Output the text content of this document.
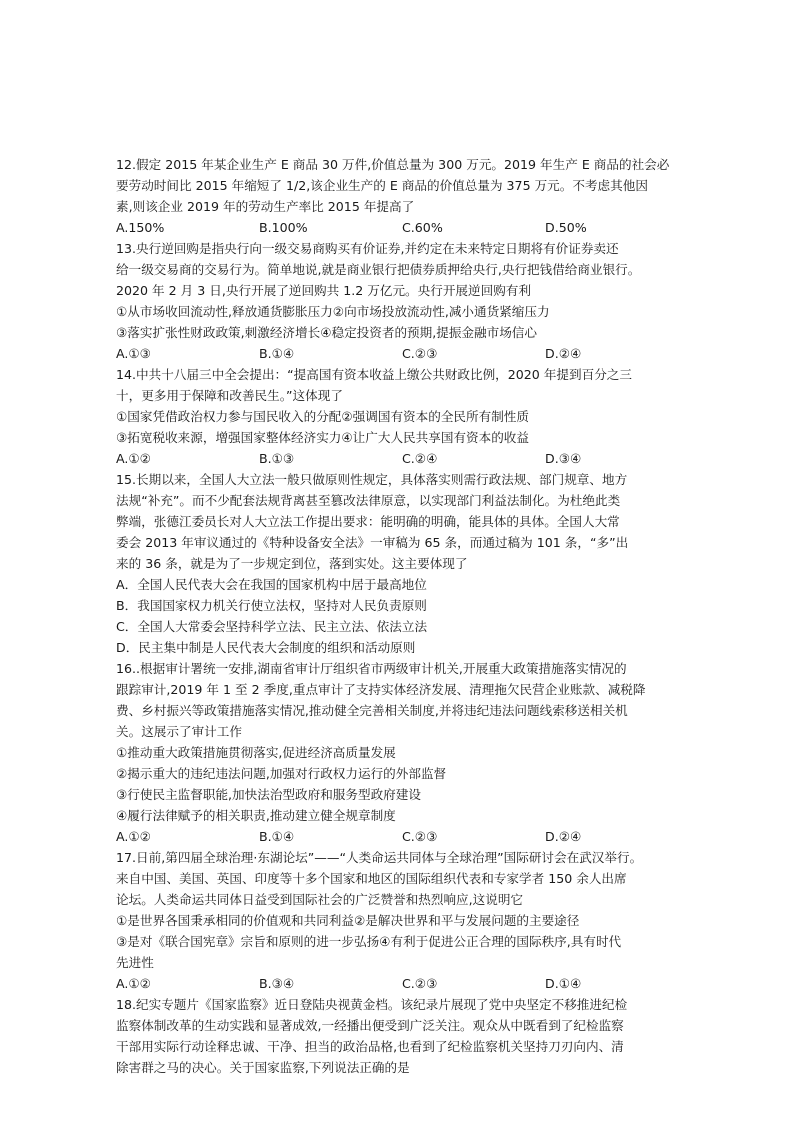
12.假定 2015 年某企业生产 E 商品 30 万件,价值总量为 300 万元。2019 年生产 E 商品的社会必
要劳动时间比 2015 年缩短了 1/2,该企业生产的 E 商品的价值总量为 375 万元。不考虑其他因
素,则该企业 2019 年的劳动生产率比 2015 年提高了
A.150%	B.100%	C.60%	D.50%
13.央行逆回购是指央行向一级交易商购买有价证券,并约定在未来特定日期将有价证券卖还
给一级交易商的交易行为。简单地说,就是商业银行把债券质押给央行,央行把钱借给商业银行。
2020 年 2 月 3 日,央行开展了逆回购共 1.2 万亿元。央行开展逆回购有利
①从市场收回流动性,释放通货膨胀压力②向市场投放流动性,减小通货紧缩压力
③落实扩张性财政政策,刺激经济增长④稳定投资者的预期,提振金融市场信心
A.①③	B.①④	C.②③	D.②④
14.中共十八届三中全会提出：“提高国有资本收益上缴公共财政比例，2020 年提到百分之三
十，更多用于保障和改善民生。”这体现了
①国家凭借政治权力参与国民收入的分配②强调国有资本的全民所有制性质
③拓宽税收来源，增强国家整体经济实力④让广大人民共享国有资本的收益
A.①②	B.①③	C.②④	D.③④
15.长期以来，全国人大立法一般只做原则性规定，具体落实则需行政法规、部门规章、地方
法规“补充”。而不少配套法规背离甚至篡改法律原意，以实现部门利益法制化。为杜绝此类
弊端，张德江委员长对人大立法工作提出要求：能明确的明确，能具体的具体。全国人大常
委会 2013 年审议通过的《特种设备安全法》一审稿为 65 条，而通过稿为 101 条，“多”出
来的 36 条，就是为了一步规定到位，落到实处。这主要体现了
A．全国人民代表大会在我国的国家机构中居于最高地位
B．我国国家权力机关行使立法权，坚持对人民负责原则
C．全国人大常委会坚持科学立法、民主立法、依法立法
D．民主集中制是人民代表大会制度的组织和活动原则
16..根据审计署统一安排,湖南省审计厅组织省市两级审计机关,开展重大政策措施落实情况的
跟踪审计,2019 年 1 至 2 季度,重点审计了支持实体经济发展、清理拖欠民营企业账款、减税降
费、乡村振兴等政策措施落实情况,推动健全完善相关制度,并将违纪违法问题线索移送相关机
关。这展示了审计工作
①推动重大政策措施贯彻落实,促进经济高质量发展
②揭示重大的违纪违法问题,加强对行政权力运行的外部监督
③行使民主监督职能,加快法治型政府和服务型政府建设
④履行法律赋予的相关职责,推动建立健全规章制度
A.①②	B.①④	C.②③	D.②④
17.日前,第四届全球治理·东湖论坛”——“人类命运共同体与全球治理”国际研讨会在武汉举行。
来自中国、美国、英国、印度等十多个国家和地区的国际组织代表和专家学者 150 余人出席
论坛。人类命运共同体日益受到国际社会的广泛赞誉和热烈响应,这说明它
①是世界各国秉承相同的价值观和共同利益②是解决世界和平与发展问题的主要途径
③是对《联合国宪章》宗旨和原则的进一步弘扬④有利于促进公正合理的国际秩序,具有时代
先进性
A.①②	B.③④	C.②③	D.①④
18.纪实专题片《国家监察》近日登陆央视黄金档。该纪录片展现了党中央坚定不移推进纪检
监察体制改革的生动实践和显著成效,一经播出便受到广泛关注。观众从中既看到了纪检监察
干部用实际行动诠释忠诚、干净、担当的政治品格,也看到了纪检监察机关坚持刀刃向内、清
除害群之马的决心。关于国家监察,下列说法正确的是
